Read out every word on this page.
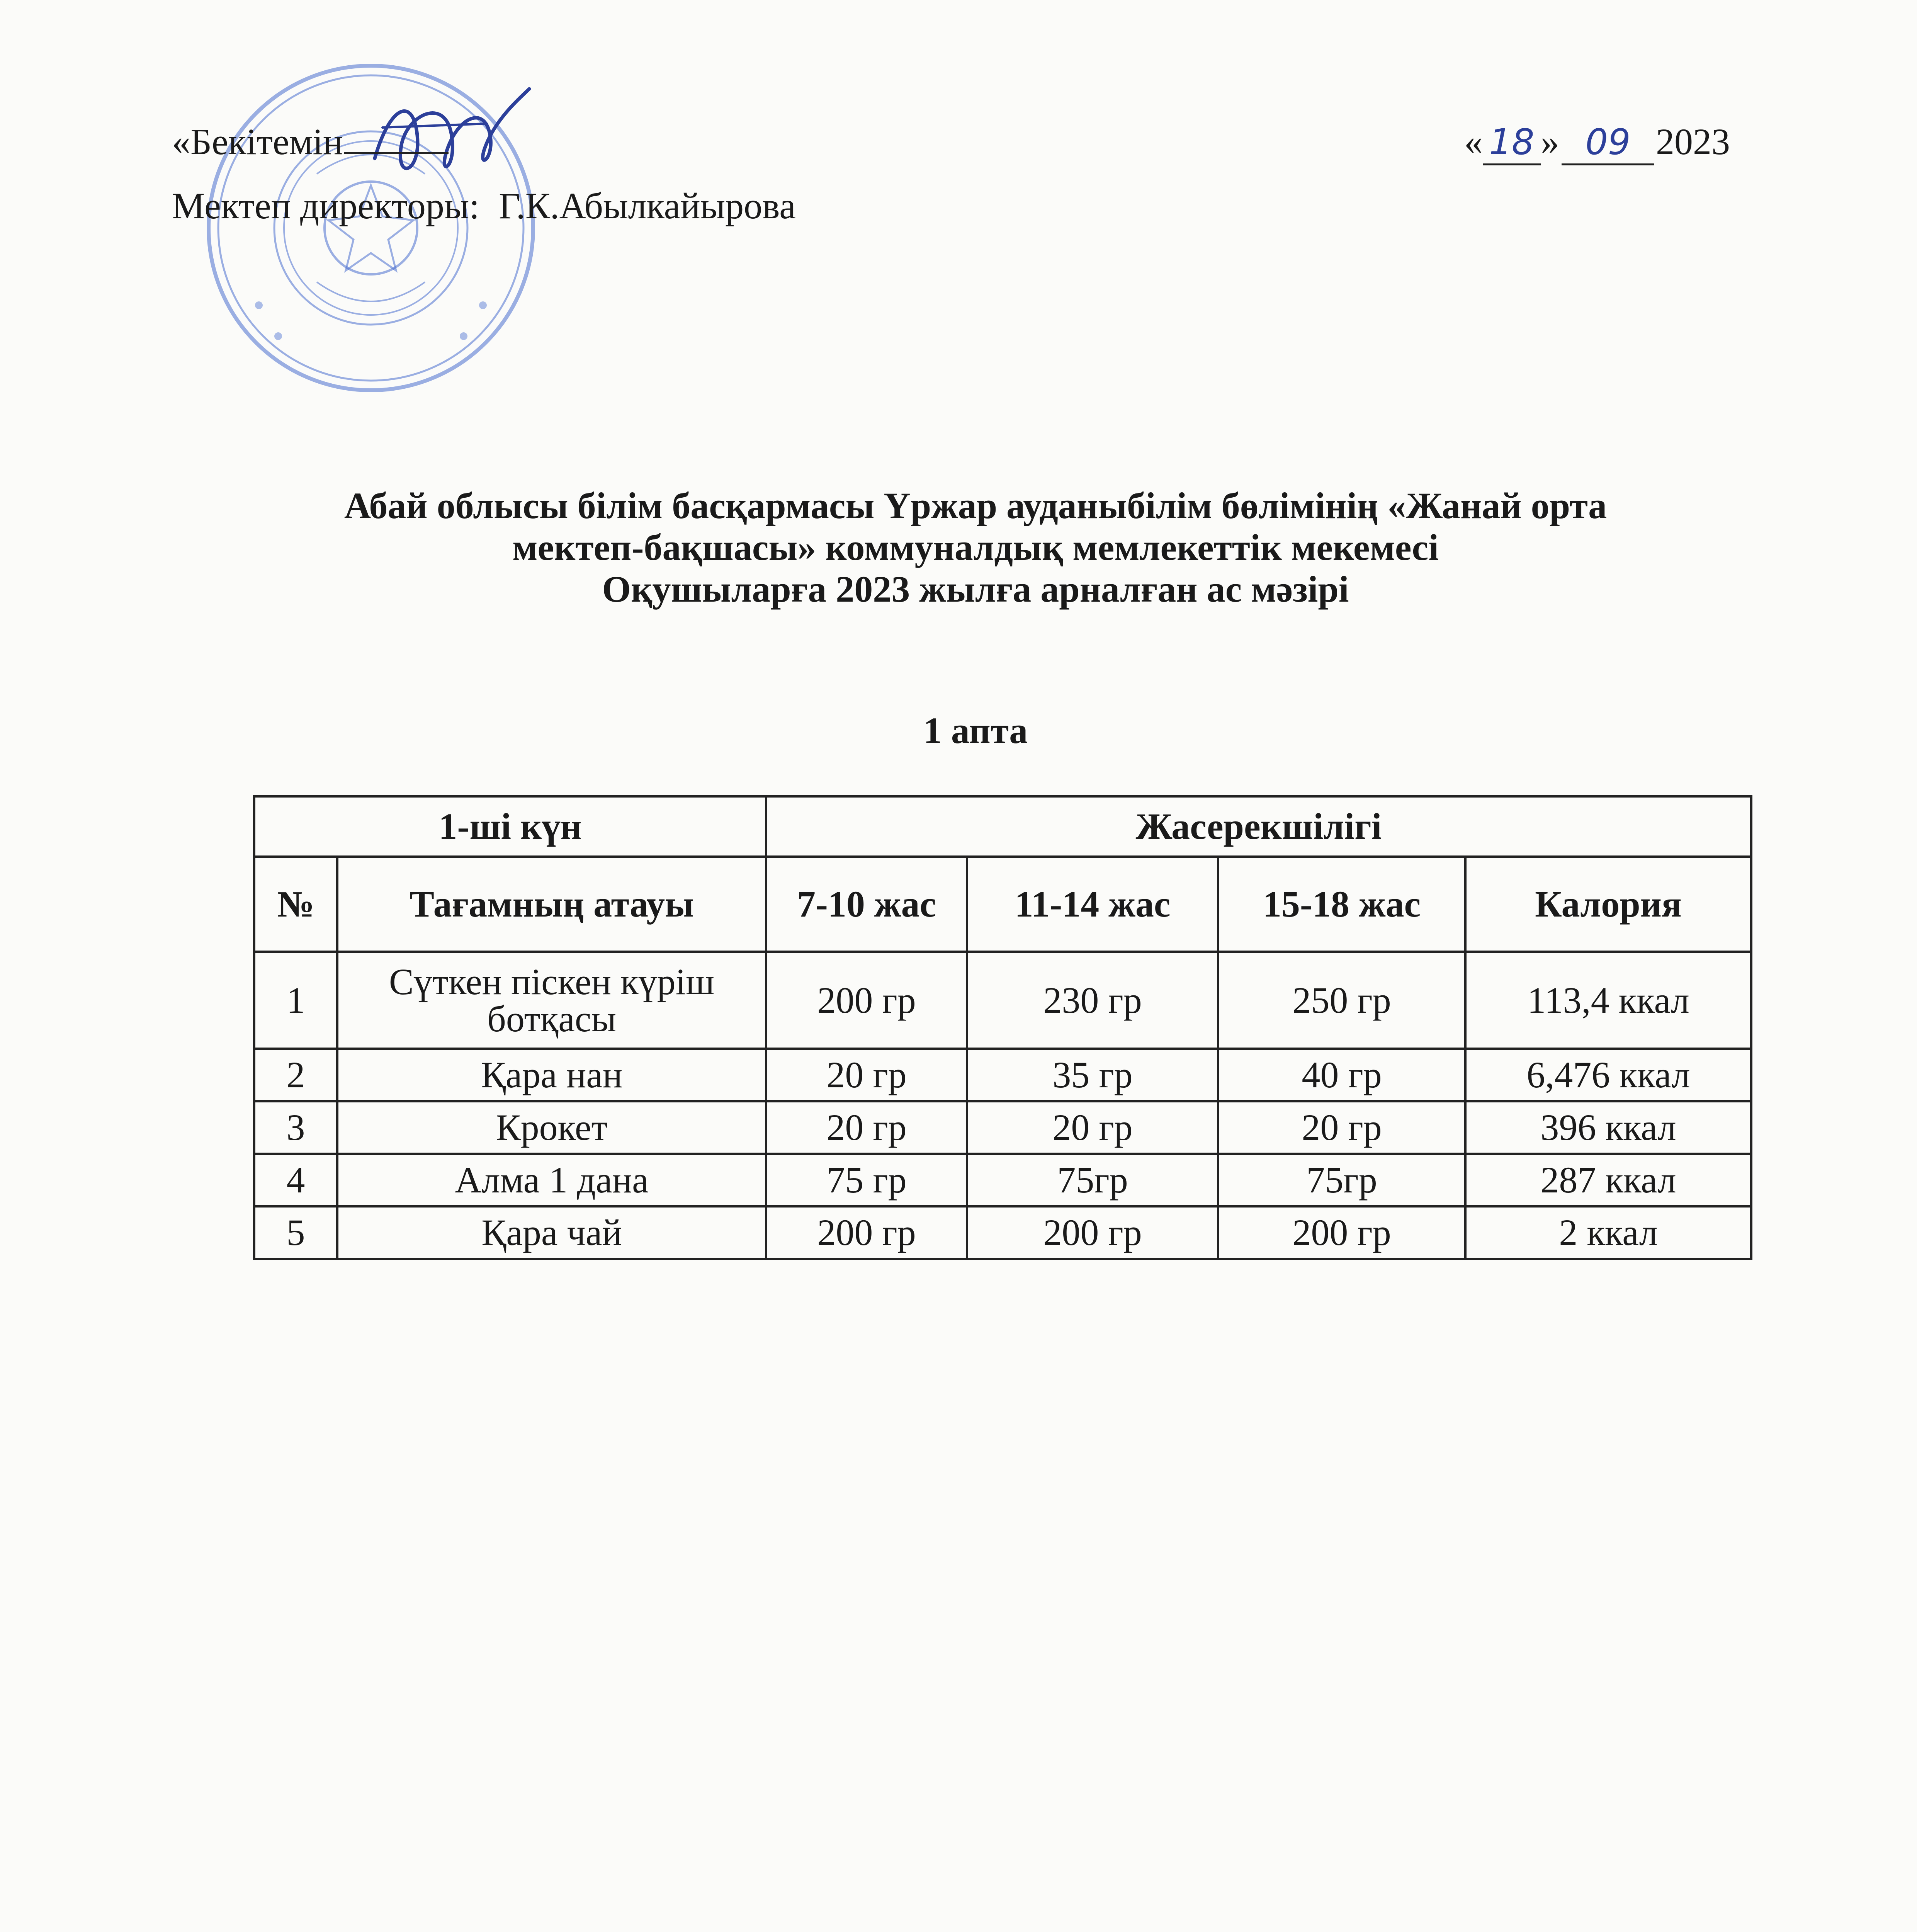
«Бекітемін
Мектеп директоры: Г.К.Абылкайырова
« 18 » 09 2023
Абай облысы білім басқармасы Үржар ауданыбілім бөлімінің «Жанай орта
мектеп-бақшасы» коммуналдық мемлекеттік мекемесі
Оқушыларға 2023 жылға арналған ас мәзірі
1 апта
1-ші күн		Жасерекшілігі			
№	Тағамның атауы	7-10 жас	11-14 жас	15-18 жас	Калория
1	Сүткен піскен күріш ботқасы	200 гр	230 гр	250 гр	113,4 ккал
2	Қара нан	20 гр	35 гр	40 гр	6,476 ккал
3	Крокет	20 гр	20 гр	20 гр	396 ккал
4	Алма 1 дана	75 гр	75гр	75гр	287 ккал
5	Қара чай	200 гр	200 гр	200 гр	2 ккал
